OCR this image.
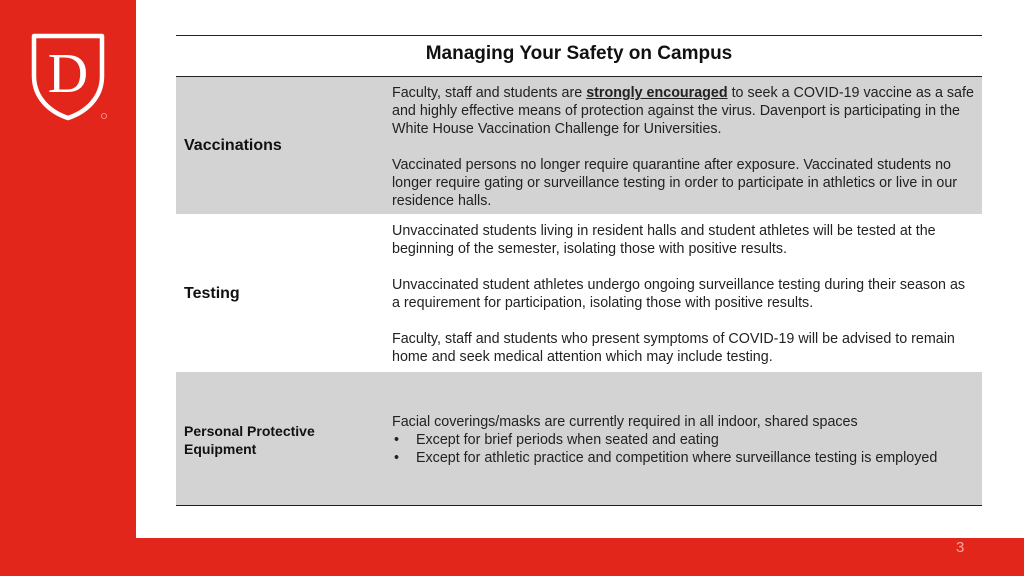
D	Managing Your Safety on Campus
Vaccinations

Faculty, staff and students are strongly encouraged to seek a COVID-19 vaccine as a safe and highly effective means of protection against the virus. Davenport is participating in the White House Vaccination Challenge for Universities.

Vaccinated persons no longer require quarantine after exposure. Vaccinated students no longer require gating or surveillance testing in order to participate in athletics or live in our residence halls.

Testing

Unvaccinated students living in resident halls and student athletes will be tested at the beginning of the semester, isolating those with positive results.

Unvaccinated student athletes undergo ongoing surveillance testing during their season as a requirement for participation, isolating those with positive results.

Faculty, staff and students who present symptoms of COVID-19 will be advised to remain home and seek medical attention which may include testing.

Personal Protective
Equipment

Facial coverings/masks are currently required in all indoor, shared spaces

• Except for brief periods when seated and eating
• Except for athletic practice and competition where surveillance testing is employed
3
